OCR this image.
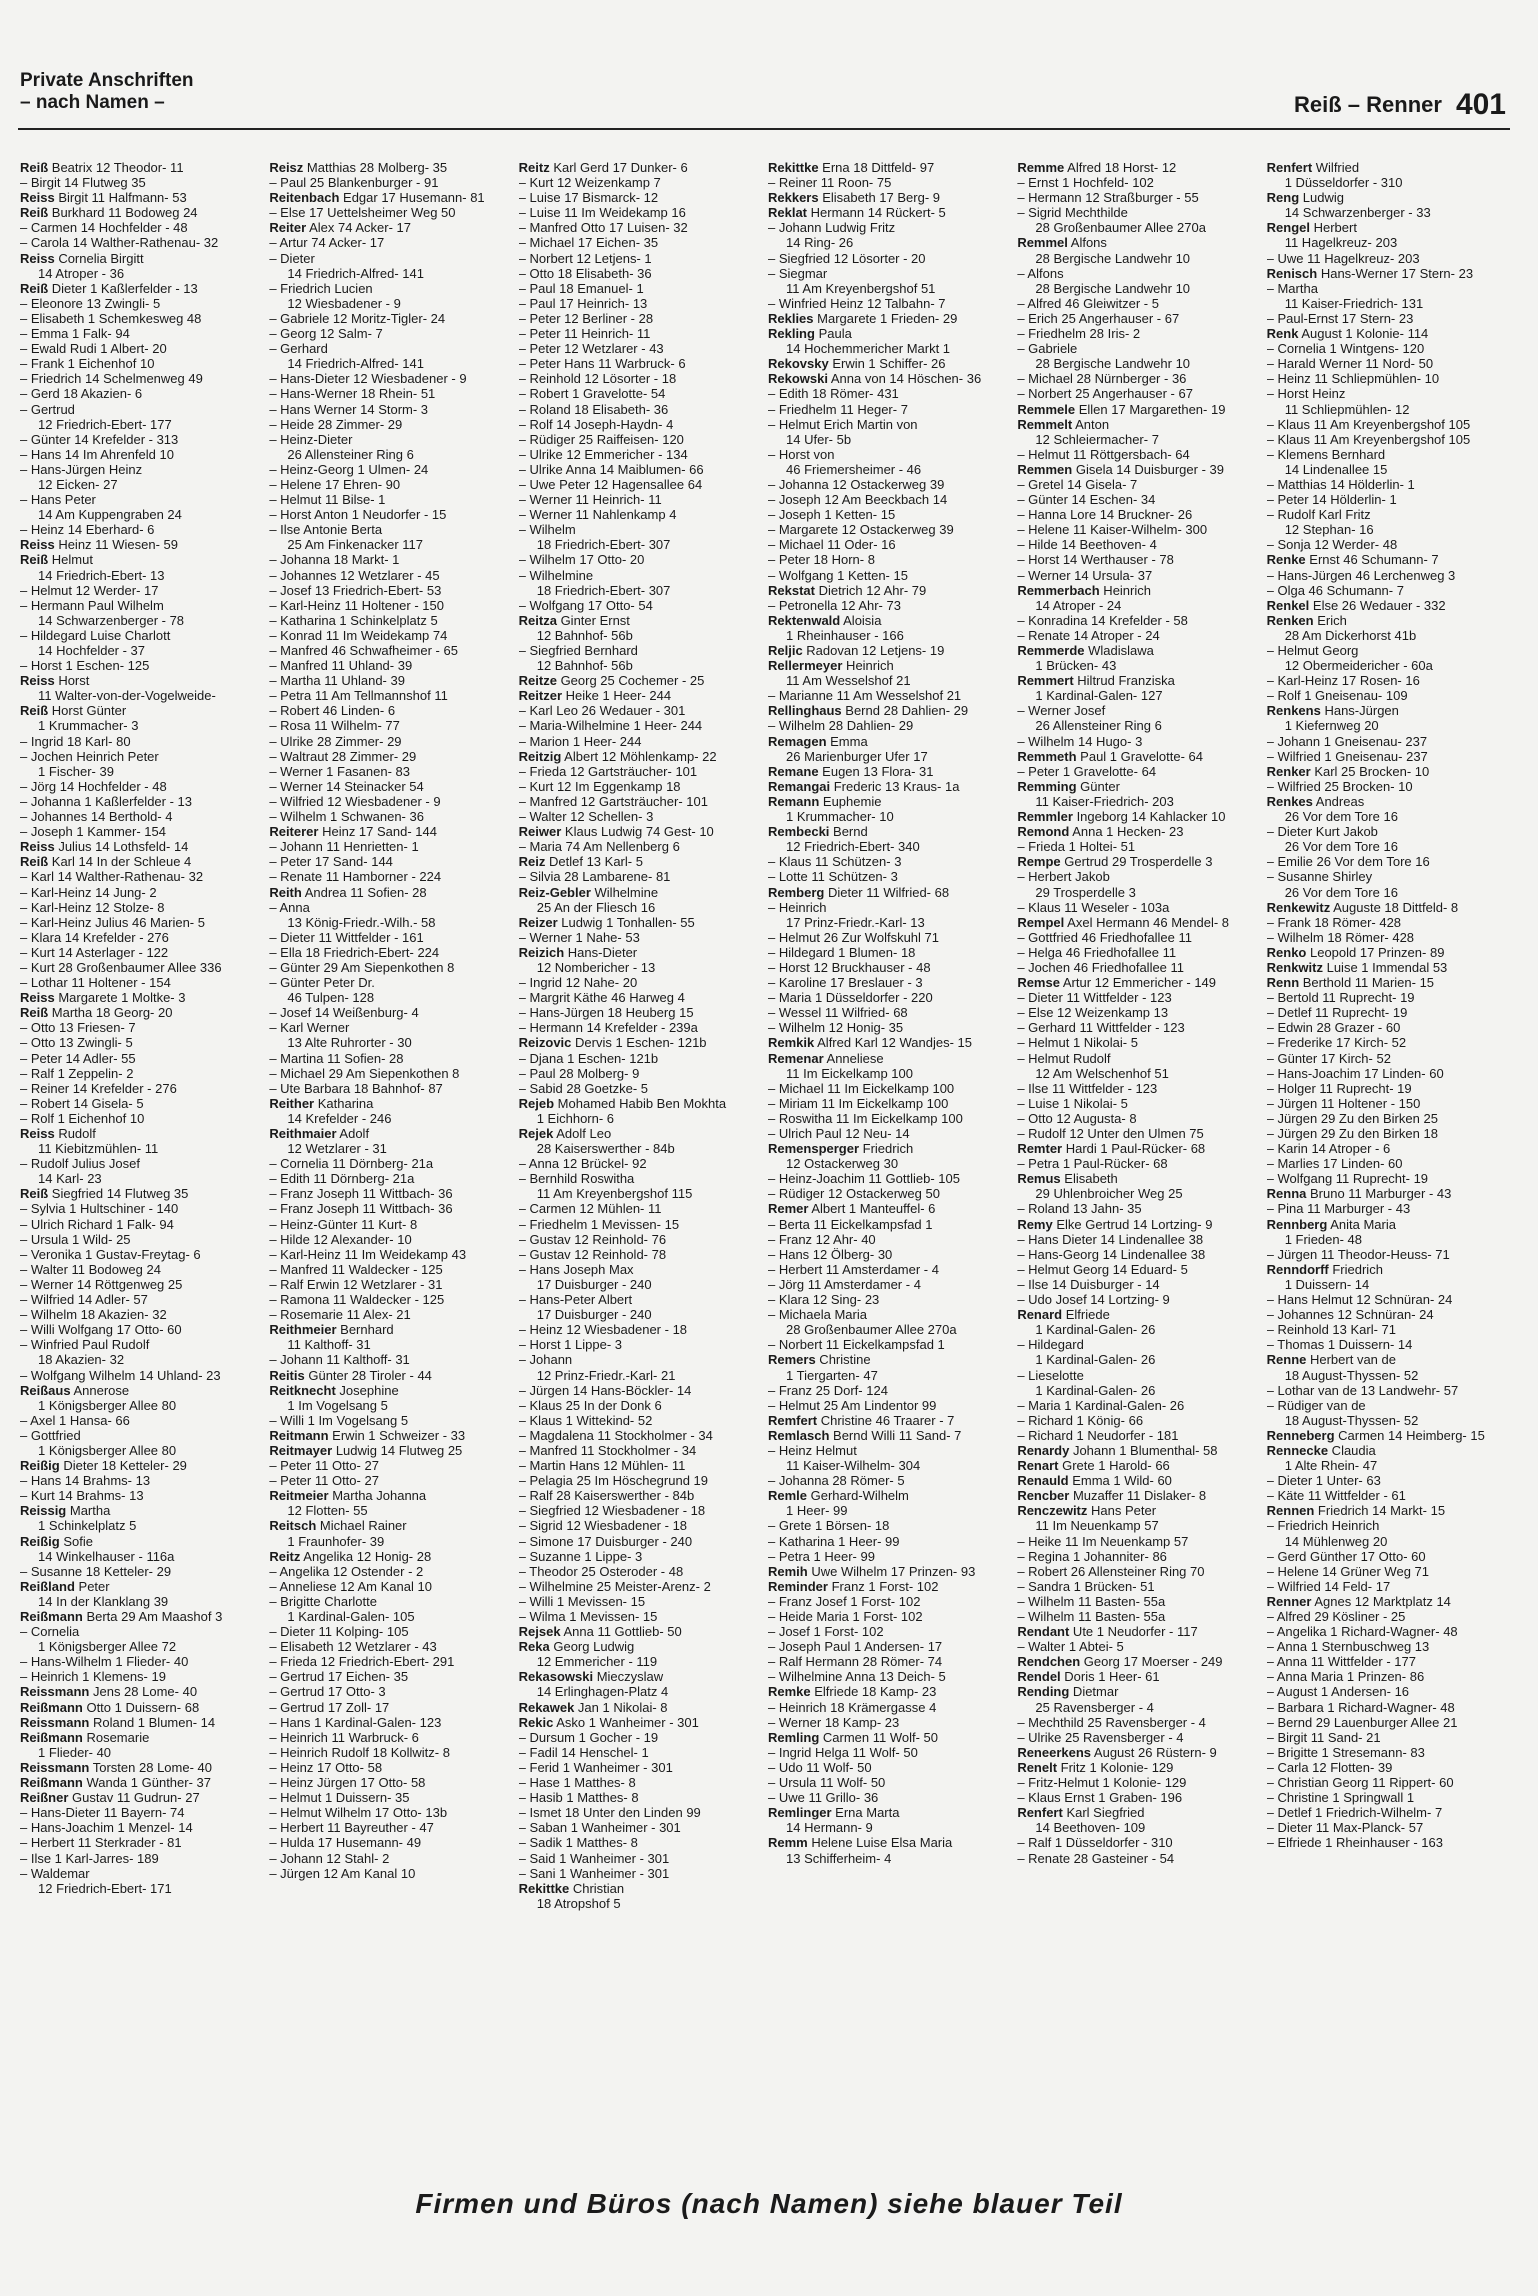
Private Anschriften
– nach Namen –	Reiß – Renner 401
Reiß Beatrix 12 Theodor- 11
– Birgit 14 Flutweg 35
Reiss Birgit 11 Halfmann- 53
Reiß Burkhard 11 Bodoweg 24
– Carmen 14 Hochfelder - 48
– Carola 14 Walther-Rathenau- 32
Reiss Cornelia Birgitt
14 Atroper - 36
Reiß Dieter 1 Kaßlerfelder - 13
– Eleonore 13 Zwingli- 5
– Elisabeth 1 Schemkesweg 48
– Emma 1 Falk- 94
– Ewald Rudi 1 Albert- 20
– Frank 1 Eichenhof 10
– Friedrich 14 Schelmenweg 49
– Gerd 18 Akazien- 6
– Gertrud
12 Friedrich-Ebert- 177
– Günter 14 Krefelder - 313
– Hans 14 Im Ahrenfeld 10
– Hans-Jürgen Heinz
12 Eicken- 27
– Hans Peter
14 Am Kuppengraben 24
– Heinz 14 Eberhard- 6
Reiss Heinz 11 Wiesen- 59
Reiß Helmut
14 Friedrich-Ebert- 13
– Helmut 12 Werder- 17
– Hermann Paul Wilhelm
14 Schwarzenberger - 78
– Hildegard Luise Charlott
14 Hochfelder - 37
– Horst 1 Eschen- 125
Reiss Horst
11 Walter-von-der-Vogelweide-
Reiß Horst Günter
1 Krummacher- 3
– Ingrid 18 Karl- 80
– Jochen Heinrich Peter
1 Fischer- 39
– Jörg 14 Hochfelder - 48
– Johanna 1 Kaßlerfelder - 13
– Johannes 14 Berthold- 4
– Joseph 1 Kammer- 154
Reiss Julius 14 Lothsfeld- 14
Reiß Karl 14 In der Schleue 4
– Karl 14 Walther-Rathenau- 32
– Karl-Heinz 14 Jung- 2
– Karl-Heinz 12 Stolze- 8
– Karl-Heinz Julius 46 Marien- 5
– Klara 14 Krefelder - 276
– Kurt 14 Asterlager - 122
– Kurt 28 Großenbaumer Allee 336
– Lothar 11 Holtener - 154
Reiss Margarete 1 Moltke- 3
Reiß Martha 18 Georg- 20
– Otto 13 Friesen- 7
– Otto 13 Zwingli- 5
– Peter 14 Adler- 55
– Ralf 1 Zeppelin- 2
– Reiner 14 Krefelder - 276
– Robert 14 Gisela- 5
– Rolf 1 Eichenhof 10
Reiss Rudolf
11 Kiebitzmühlen- 11
– Rudolf Julius Josef
14 Karl- 23
Reiß Siegfried 14 Flutweg 35
– Sylvia 1 Hultschiner - 140
– Ulrich Richard 1 Falk- 94
– Ursula 1 Wild- 25
– Veronika 1 Gustav-Freytag- 6
– Walter 11 Bodoweg 24
– Werner 14 Röttgenweg 25
– Wilfried 14 Adler- 57
– Wilhelm 18 Akazien- 32
– Willi Wolfgang 17 Otto- 60
– Winfried Paul Rudolf
18 Akazien- 32
– Wolfgang Wilhelm 14 Uhland- 23
Reißaus Annerose
1 Königsberger Allee 80
– Axel 1 Hansa- 66
– Gottfried
1 Königsberger Allee 80
Reißig Dieter 18 Ketteler- 29
– Hans 14 Brahms- 13
– Kurt 14 Brahms- 13
Reissig Martha
1 Schinkelplatz 5
Reißig Sofie
14 Winkelhauser - 116a
– Susanne 18 Ketteler- 29
Reißland Peter
14 In der Klanklang 39
Reißmann Berta 29 Am Maashof 3
– Cornelia
1 Königsberger Allee 72
– Hans-Wilhelm 1 Flieder- 40
– Heinrich 1 Klemens- 19
Reissmann Jens 28 Lome- 40
Reißmann Otto 1 Duissern- 68
Reissmann Roland 1 Blumen- 14
Reißmann Rosemarie
1 Flieder- 40
Reissmann Torsten 28 Lome- 40
Reißmann Wanda 1 Günther- 37
Reißner Gustav 11 Gudrun- 27
– Hans-Dieter 11 Bayern- 74
– Hans-Joachim 1 Menzel- 14
– Herbert 11 Sterkrader - 81
– Ilse 1 Karl-Jarres- 189
– Waldemar
12 Friedrich-Ebert- 171
Reisz Matthias 28 Molberg- 35
– Paul 25 Blankenburger - 91
Reitenbach Edgar 17 Husemann- 81
– Else 17 Uettelsheimer Weg 50
Reiter Alex 74 Acker- 17
– Artur 74 Acker- 17
– Dieter
14 Friedrich-Alfred- 141
– Friedrich Lucien
12 Wiesbadener - 9
– Gabriele 12 Moritz-Tigler- 24
– Georg 12 Salm- 7
– Gerhard
14 Friedrich-Alfred- 141
– Hans-Dieter 12 Wiesbadener - 9
– Hans-Werner 18 Rhein- 51
– Hans Werner 14 Storm- 3
– Heide 28 Zimmer- 29
– Heinz-Dieter
26 Allensteiner Ring 6
– Heinz-Georg 1 Ulmen- 24
– Helene 17 Ehren- 90
– Helmut 11 Bilse- 1
– Horst Anton 1 Neudorfer - 15
– Ilse Antonie Berta
25 Am Finkenacker 117
– Johanna 18 Markt- 1
– Johannes 12 Wetzlarer - 45
– Josef 13 Friedrich-Ebert- 53
– Karl-Heinz 11 Holtener - 150
– Katharina 1 Schinkelplatz 5
– Konrad 11 Im Weidekamp 74
– Manfred 46 Schwafheimer - 65
– Manfred 11 Uhland- 39
– Martha 11 Uhland- 39
– Petra 11 Am Tellmannshof 11
– Robert 46 Linden- 6
– Rosa 11 Wilhelm- 77
– Ulrike 28 Zimmer- 29
– Waltraut 28 Zimmer- 29
– Werner 1 Fasanen- 83
– Werner 14 Steinacker 54
– Wilfried 12 Wiesbadener - 9
– Wilhelm 1 Schwanen- 36
Reiterer Heinz 17 Sand- 144
– Johann 11 Henrietten- 1
– Peter 17 Sand- 144
– Renate 11 Hamborner - 224
Reith Andrea 11 Sofien- 28
– Anna
13 König-Friedr.-Wilh.- 58
– Dieter 11 Wittfelder - 161
– Ella 18 Friedrich-Ebert- 224
– Günter 29 Am Siepenkothen 8
– Günter Peter Dr.
46 Tulpen- 128
– Josef 14 Weißenburg- 4
– Karl Werner
13 Alte Ruhrorter - 30
– Martina 11 Sofien- 28
– Michael 29 Am Siepenkothen 8
– Ute Barbara 18 Bahnhof- 87
Reither Katharina
14 Krefelder - 246
Reithmaier Adolf
12 Wetzlarer - 31
– Cornelia 11 Dörnberg- 21a
– Edith 11 Dörnberg- 21a
– Franz Joseph 11 Wittbach- 36
– Franz Joseph 11 Wittbach- 36
– Heinz-Günter 11 Kurt- 8
– Hilde 12 Alexander- 10
– Karl-Heinz 11 Im Weidekamp 43
– Manfred 11 Waldecker - 125
– Ralf Erwin 12 Wetzlarer - 31
– Ramona 11 Waldecker - 125
– Rosemarie 11 Alex- 21
Reithmeier Bernhard
11 Kalthoff- 31
– Johann 11 Kalthoff- 31
Reitis Günter 28 Tiroler - 44
Reitknecht Josephine
1 Im Vogelsang 5
– Willi 1 Im Vogelsang 5
Reitmann Erwin 1 Schweizer - 33
Reitmayer Ludwig 14 Flutweg 25
– Peter 11 Otto- 27
– Peter 11 Otto- 27
Reitmeier Martha Johanna
12 Flotten- 55
Reitsch Michael Rainer
1 Fraunhofer- 39
Reitz Angelika 12 Honig- 28
– Angelika 12 Ostender - 2
– Anneliese 12 Am Kanal 10
– Brigitte Charlotte
1 Kardinal-Galen- 105
– Dieter 11 Kolping- 105
– Elisabeth 12 Wetzlarer - 43
– Frieda 12 Friedrich-Ebert- 291
– Gertrud 17 Eichen- 35
– Gertrud 17 Otto- 3
– Gertrud 17 Zoll- 17
– Hans 1 Kardinal-Galen- 123
– Heinrich 11 Warbruck- 6
– Heinrich Rudolf 18 Kollwitz- 8
– Heinz 17 Otto- 58
– Heinz Jürgen 17 Otto- 58
– Helmut 1 Duissern- 35
– Helmut Wilhelm 17 Otto- 13b
– Herbert 11 Bayreuther - 47
– Hulda 17 Husemann- 49
– Johann 12 Stahl- 2
– Jürgen 12 Am Kanal 10
Reitz Karl Gerd 17 Dunker- 6
– Kurt 12 Weizenkamp 7
– Luise 17 Bismarck- 12
– Luise 11 Im Weidekamp 16
– Manfred Otto 17 Luisen- 32
– Michael 17 Eichen- 35
– Norbert 12 Letjens- 1
– Otto 18 Elisabeth- 36
– Paul 18 Emanuel- 1
– Paul 17 Heinrich- 13
– Peter 12 Berliner - 28
– Peter 11 Heinrich- 11
– Peter 12 Wetzlarer - 43
– Peter Hans 11 Warbruck- 6
– Reinhold 12 Lösorter - 18
– Robert 1 Gravelotte- 54
– Roland 18 Elisabeth- 36
– Rolf 14 Joseph-Haydn- 4
– Rüdiger 25 Raiffeisen- 120
– Ulrike 12 Emmericher - 134
– Ulrike Anna 14 Maiblumen- 66
– Uwe Peter 12 Hagensallee 64
– Werner 11 Heinrich- 11
– Werner 11 Nahlenkamp 4
– Wilhelm
18 Friedrich-Ebert- 307
– Wilhelm 17 Otto- 20
– Wilhelmine
18 Friedrich-Ebert- 307
– Wolfgang 17 Otto- 54
Reitza Ginter Ernst
12 Bahnhof- 56b
– Siegfried Bernhard
12 Bahnhof- 56b
Reitze Georg 25 Cochemer - 25
Reitzer Heike 1 Heer- 244
– Karl Leo 26 Wedauer - 301
– Maria-Wilhelmine 1 Heer- 244
– Marion 1 Heer- 244
Reitzig Albert 12 Möhlenkamp- 22
– Frieda 12 Gartsträucher- 101
– Kurt 12 Im Eggenkamp 18
– Manfred 12 Gartsträucher- 101
– Walter 12 Schellen- 3
Reiwer Klaus Ludwig 74 Gest- 10
– Maria 74 Am Nellenberg 6
Reiz Detlef 13 Karl- 5
– Silvia 28 Lambarene- 81
Reiz-Gebler Wilhelmine
25 An der Fliesch 16
Reizer Ludwig 1 Tonhallen- 55
– Werner 1 Nahe- 53
Reizich Hans-Dieter
12 Nombericher - 13
– Ingrid 12 Nahe- 20
– Margrit Käthe 46 Harweg 4
– Hans-Jürgen 18 Heuberg 15
– Hermann 14 Krefelder - 239a
Reizovic Dervis 1 Eschen- 121b
– Djana 1 Eschen- 121b
– Paul 28 Molberg- 9
– Sabid 28 Goetzke- 5
Rejeb Mohamed Habib Ben Mokhta
1 Eichhorn- 6
Rejek Adolf Leo
28 Kaiserswerther - 84b
– Anna 12 Brückel- 92
– Bernhild Roswitha
11 Am Kreyenbergshof 115
– Carmen 12 Mühlen- 11
– Friedhelm 1 Mevissen- 15
– Gustav 12 Reinhold- 76
– Gustav 12 Reinhold- 78
– Hans Joseph Max
17 Duisburger - 240
– Hans-Peter Albert
17 Duisburger - 240
– Heinz 12 Wiesbadener - 18
– Horst 1 Lippe- 3
– Johann
12 Prinz-Friedr.-Karl- 21
– Jürgen 14 Hans-Böckler- 14
– Klaus 25 In der Donk 6
– Klaus 1 Wittekind- 52
– Magdalena 11 Stockholmer - 34
– Manfred 11 Stockholmer - 34
– Martin Hans 12 Mühlen- 11
– Pelagia 25 Im Höschegrund 19
– Ralf 28 Kaiserswerther - 84b
– Siegfried 12 Wiesbadener - 18
– Sigrid 12 Wiesbadener - 18
– Simone 17 Duisburger - 240
– Suzanne 1 Lippe- 3
– Theodor 25 Osteroder - 48
– Wilhelmine 25 Meister-Arenz- 2
– Willi 1 Mevissen- 15
– Wilma 1 Mevissen- 15
Rejsek Anna 11 Gottlieb- 50
Reka Georg Ludwig
12 Emmericher - 119
Rekasowski Mieczyslaw
14 Erlinghagen-Platz 4
Rekawek Jan 1 Nikolai- 8
Rekic Asko 1 Wanheimer - 301
– Dursum 1 Gocher - 19
– Fadil 14 Henschel- 1
– Ferid 1 Wanheimer - 301
– Hase 1 Matthes- 8
– Hasib 1 Matthes- 8
– Ismet 18 Unter den Linden 99
– Saban 1 Wanheimer - 301
– Sadik 1 Matthes- 8
– Said 1 Wanheimer - 301
– Sani 1 Wanheimer - 301
Rekittke Christian
18 Atropshof 5
Rekittke Erna 18 Dittfeld- 97
– Reiner 11 Roon- 75
Rekkers Elisabeth 17 Berg- 9
Reklat Hermann 14 Rückert- 5
– Johann Ludwig Fritz
14 Ring- 26
– Siegfried 12 Lösorter - 20
– Siegmar
11 Am Kreyenbergshof 51
– Winfried Heinz 12 Talbahn- 7
Reklies Margarete 1 Frieden- 29
Rekling Paula
14 Hochemmericher Markt 1
Rekovsky Erwin 1 Schiffer- 26
Rekowski Anna von 14 Höschen- 36
– Edith 18 Römer- 431
– Friedhelm 11 Heger- 7
– Helmut Erich Martin von
14 Ufer- 5b
– Horst von
46 Friemersheimer - 46
– Johanna 12 Ostackerweg 39
– Joseph 12 Am Beeckbach 14
– Joseph 1 Ketten- 15
– Margarete 12 Ostackerweg 39
– Michael 11 Oder- 16
– Peter 18 Horn- 8
– Wolfgang 1 Ketten- 15
Rekstat Dietrich 12 Ahr- 79
– Petronella 12 Ahr- 73
Rektenwald Aloisia
1 Rheinhauser - 166
Reljic Radovan 12 Letjens- 19
Rellermeyer Heinrich
11 Am Wesselshof 21
– Marianne 11 Am Wesselshof 21
Rellinghaus Bernd 28 Dahlien- 29
– Wilhelm 28 Dahlien- 29
Remagen Emma
26 Marienburger Ufer 17
Remane Eugen 13 Flora- 31
Remangai Frederic 13 Kraus- 1a
Remann Euphemie
1 Krummacher- 10
Rembecki Bernd
12 Friedrich-Ebert- 340
– Klaus 11 Schützen- 3
– Lotte 11 Schützen- 3
Remberg Dieter 11 Wilfried- 68
– Heinrich
17 Prinz-Friedr.-Karl- 13
– Helmut 26 Zur Wolfskuhl 71
– Hildegard 1 Blumen- 18
– Horst 12 Bruckhauser - 48
– Karoline 17 Breslauer - 3
– Maria 1 Düsseldorfer - 220
– Wessel 11 Wilfried- 68
– Wilhelm 12 Honig- 35
Remkik Alfred Karl 12 Wandjes- 15
Remenar Anneliese
11 Im Eickelkamp 100
– Michael 11 Im Eickelkamp 100
– Miriam 11 Im Eickelkamp 100
– Roswitha 11 Im Eickelkamp 100
– Ulrich Paul 12 Neu- 14
Remensperger Friedrich
12 Ostackerweg 30
– Heinz-Joachim 11 Gottlieb- 105
– Rüdiger 12 Ostackerweg 50
Remer Albert 1 Manteuffel- 6
– Berta 11 Eickelkampsfad 1
– Franz 12 Ahr- 40
– Hans 12 Ölberg- 30
– Herbert 11 Amsterdamer - 4
– Jörg 11 Amsterdamer - 4
– Klara 12 Sing- 23
– Michaela Maria
28 Großenbaumer Allee 270a
– Norbert 11 Eickelkampsfad 1
Remers Christine
1 Tiergarten- 47
– Franz 25 Dorf- 124
– Helmut 25 Am Lindentor 99
Remfert Christine 46 Traarer - 7
Remlasch Bernd Willi 11 Sand- 7
– Heinz Helmut
11 Kaiser-Wilhelm- 304
– Johanna 28 Römer- 5
Remle Gerhard-Wilhelm
1 Heer- 99
– Grete 1 Börsen- 18
– Katharina 1 Heer- 99
– Petra 1 Heer- 99
Remih Uwe Wilhelm 17 Prinzen- 93
Reminder Franz 1 Forst- 102
– Franz Josef 1 Forst- 102
– Heide Maria 1 Forst- 102
– Josef 1 Forst- 102
– Joseph Paul 1 Andersen- 17
– Ralf Hermann 28 Römer- 74
– Wilhelmine Anna 13 Deich- 5
Remke Elfriede 18 Kamp- 23
– Heinrich 18 Krämergasse 4
– Werner 18 Kamp- 23
Remling Carmen 11 Wolf- 50
– Ingrid Helga 11 Wolf- 50
– Udo 11 Wolf- 50
– Ursula 11 Wolf- 50
– Uwe 11 Grillo- 36
Remlinger Erna Marta
14 Hermann- 9
Remm Helene Luise Elsa Maria
13 Schifferheim- 4
Remme Alfred 18 Horst- 12
– Ernst 1 Hochfeld- 102
– Hermann 12 Straßburger - 55
– Sigrid Mechthilde
28 Großenbaumer Allee 270a
Remmel Alfons
28 Bergische Landwehr 10
– Alfons
28 Bergische Landwehr 10
– Alfred 46 Gleiwitzer - 5
– Erich 25 Angerhauser - 67
– Friedhelm 28 Iris- 2
– Gabriele
28 Bergische Landwehr 10
– Michael 28 Nürnberger - 36
– Norbert 25 Angerhauser - 67
Remmele Ellen 17 Margarethen- 19
Remmelt Anton
12 Schleiermacher- 7
– Helmut 11 Röttgersbach- 64
Remmen Gisela 14 Duisburger - 39
– Gretel 14 Gisela- 7
– Günter 14 Eschen- 34
– Hanna Lore 14 Bruckner- 26
– Helene 11 Kaiser-Wilhelm- 300
– Hilde 14 Beethoven- 4
– Horst 14 Werthauser - 78
– Werner 14 Ursula- 37
Remmerbach Heinrich
14 Atroper - 24
– Konradina 14 Krefelder - 58
– Renate 14 Atroper - 24
Remmerde Wladislawa
1 Brücken- 43
Remmert Hiltrud Franziska
1 Kardinal-Galen- 127
– Werner Josef
26 Allensteiner Ring 6
– Wilhelm 14 Hugo- 3
Remmeth Paul 1 Gravelotte- 64
– Peter 1 Gravelotte- 64
Remming Günter
11 Kaiser-Friedrich- 203
Remmler Ingeborg 14 Kahlacker 10
Remond Anna 1 Hecken- 23
– Frieda 1 Holtei- 51
Rempe Gertrud 29 Trosperdelle 3
– Herbert Jakob
29 Trosperdelle 3
– Klaus 11 Weseler - 103a
Rempel Axel Hermann 46 Mendel- 8
– Gottfried 46 Friedhofallee 11
– Helga 46 Friedhofallee 11
– Jochen 46 Friedhofallee 11
Remse Artur 12 Emmericher - 149
– Dieter 11 Wittfelder - 123
– Else 12 Weizenkamp 13
– Gerhard 11 Wittfelder - 123
– Helmut 1 Nikolai- 5
– Helmut Rudolf
12 Am Welschenhof 51
– Ilse 11 Wittfelder - 123
– Luise 1 Nikolai- 5
– Otto 12 Augusta- 8
– Rudolf 12 Unter den Ulmen 75
Remter Hardi 1 Paul-Rücker- 68
– Petra 1 Paul-Rücker- 68
Remus Elisabeth
29 Uhlenbroicher Weg 25
– Roland 13 Jahn- 35
Remy Elke Gertrud 14 Lortzing- 9
– Hans Dieter 14 Lindenallee 38
– Hans-Georg 14 Lindenallee 38
– Helmut Georg 14 Eduard- 5
– Ilse 14 Duisburger - 14
– Udo Josef 14 Lortzing- 9
Renard Elfriede
1 Kardinal-Galen- 26
– Hildegard
1 Kardinal-Galen- 26
– Lieselotte
1 Kardinal-Galen- 26
– Maria 1 Kardinal-Galen- 26
– Richard 1 König- 66
– Richard 1 Neudorfer - 181
Renardy Johann 1 Blumenthal- 58
Renart Grete 1 Harold- 66
Renauld Emma 1 Wild- 60
Rencber Muzaffer 11 Dislaker- 8
Renczewitz Hans Peter
11 Im Neuenkamp 57
– Heike 11 Im Neuenkamp 57
– Regina 1 Johanniter- 86
– Robert 26 Allensteiner Ring 70
– Sandra 1 Brücken- 51
– Wilhelm 11 Basten- 55a
– Wilhelm 11 Basten- 55a
Rendant Ute 1 Neudorfer - 117
– Walter 1 Abtei- 5
Rendchen Georg 17 Moerser - 249
Rendel Doris 1 Heer- 61
Rending Dietmar
25 Ravensberger - 4
– Mechthild 25 Ravensberger - 4
– Ulrike 25 Ravensberger - 4
Reneerkens August 26 Rüstern- 9
Renelt Fritz 1 Kolonie- 129
– Fritz-Helmut 1 Kolonie- 129
– Klaus Ernst 1 Graben- 196
Renfert Karl Siegfried
14 Beethoven- 109
– Ralf 1 Düsseldorfer - 310
– Renate 28 Gasteiner - 54
Renfert Wilfried
1 Düsseldorfer - 310
Reng Ludwig
14 Schwarzenberger - 33
Rengel Herbert
11 Hagelkreuz- 203
– Uwe 11 Hagelkreuz- 203
Renisch Hans-Werner 17 Stern- 23
– Martha
11 Kaiser-Friedrich- 131
– Paul-Ernst 17 Stern- 23
Renk August 1 Kolonie- 114
– Cornelia 1 Wintgens- 120
– Harald Werner 11 Nord- 50
– Heinz 11 Schliepmühlen- 10
– Horst Heinz
11 Schliepmühlen- 12
– Klaus 11 Am Kreyenbergshof 105
– Klaus 11 Am Kreyenbergshof 105
– Klemens Bernhard
14 Lindenallee 15
– Matthias 14 Hölderlin- 1
– Peter 14 Hölderlin- 1
– Rudolf Karl Fritz
12 Stephan- 16
– Sonja 12 Werder- 48
Renke Ernst 46 Schumann- 7
– Hans-Jürgen 46 Lerchenweg 3
– Olga 46 Schumann- 7
Renkel Else 26 Wedauer - 332
Renken Erich
28 Am Dickerhorst 41b
– Helmut Georg
12 Obermeidericher - 60a
– Karl-Heinz 17 Rosen- 16
– Rolf 1 Gneisenau- 109
Renkens Hans-Jürgen
1 Kiefernweg 20
– Johann 1 Gneisenau- 237
– Wilfried 1 Gneisenau- 237
Renker Karl 25 Brocken- 10
– Wilfried 25 Brocken- 10
Renkes Andreas
26 Vor dem Tore 16
– Dieter Kurt Jakob
26 Vor dem Tore 16
– Emilie 26 Vor dem Tore 16
– Susanne Shirley
26 Vor dem Tore 16
Renkewitz Auguste 18 Dittfeld- 8
– Frank 18 Römer- 428
– Wilhelm 18 Römer- 428
Renko Leopold 17 Prinzen- 89
Renkwitz Luise 1 Immendal 53
Renn Berthold 11 Marien- 15
– Bertold 11 Ruprecht- 19
– Detlef 11 Ruprecht- 19
– Edwin 28 Grazer - 60
– Frederike 17 Kirch- 52
– Günter 17 Kirch- 52
– Hans-Joachim 17 Linden- 60
– Holger 11 Ruprecht- 19
– Jürgen 11 Holtener - 150
– Jürgen 29 Zu den Birken 25
– Jürgen 29 Zu den Birken 18
– Karin 14 Atroper - 6
– Marlies 17 Linden- 60
– Wolfgang 11 Ruprecht- 19
Renna Bruno 11 Marburger - 43
– Pina 11 Marburger - 43
Rennberg Anita Maria
1 Frieden- 48
– Jürgen 11 Theodor-Heuss- 71
Renndorff Friedrich
1 Duissern- 14
– Hans Helmut 12 Schnüran- 24
– Johannes 12 Schnüran- 24
– Reinhold 13 Karl- 71
– Thomas 1 Duissern- 14
Renne Herbert van de
18 August-Thyssen- 52
– Lothar van de 13 Landwehr- 57
– Rüdiger van de
18 August-Thyssen- 52
Renneberg Carmen 14 Heimberg- 15
Rennecke Claudia
1 Alte Rhein- 47
– Dieter 1 Unter- 63
– Käte 11 Wittfelder - 61
Rennen Friedrich 14 Markt- 15
– Friedrich Heinrich
14 Mühlenweg 20
– Gerd Günther 17 Otto- 60
– Helene 14 Grüner Weg 71
– Wilfried 14 Feld- 17
Renner Agnes 12 Marktplatz 14
– Alfred 29 Kösliner - 25
– Angelika 1 Richard-Wagner- 48
– Anna 1 Sternbuschweg 13
– Anna 11 Wittfelder - 177
– Anna Maria 1 Prinzen- 86
– August 1 Andersen- 16
– Barbara 1 Richard-Wagner- 48
– Bernd 29 Lauenburger Allee 21
– Birgit 11 Sand- 21
– Brigitte 1 Stresemann- 83
– Carla 12 Flotten- 39
– Christian Georg 11 Rippert- 60
– Christine 1 Springwall 1
– Detlef 1 Friedrich-Wilhelm- 7
– Dieter 11 Max-Planck- 57
– Elfriede 1 Rheinhauser - 163
Firmen und Büros (nach Namen) siehe blauer Teil
